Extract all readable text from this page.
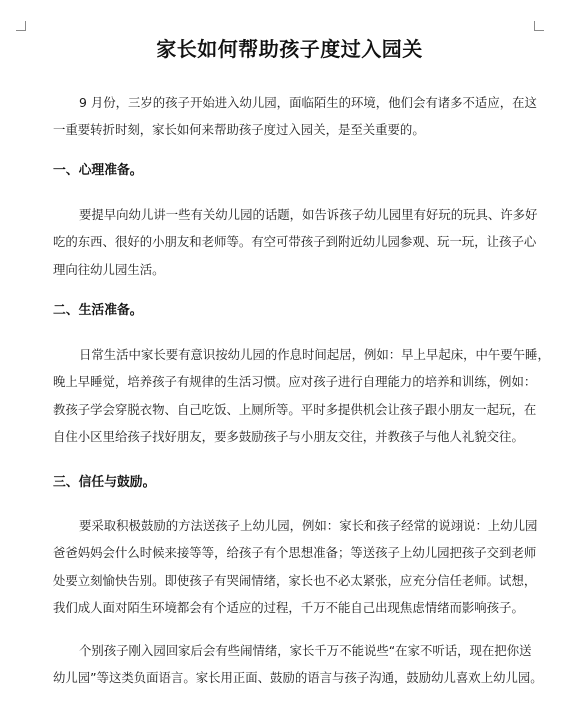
家长如何帮助孩子度过入园关
9 月份，三岁的孩子开始进入幼儿园，面临陌生的环境，他们会有诸多不适应，在这
一重要转折时刻，家长如何来帮助孩子度过入园关，是至关重要的。
一、心理准备。
要提早向幼儿讲一些有关幼儿园的话题，如告诉孩子幼儿园里有好玩的玩具、许多好
吃的东西、很好的小朋友和老师等。有空可带孩子到附近幼儿园参观、玩一玩，让孩子心
理向往幼儿园生活。
二、生活准备。
日常生活中家长要有意识按幼儿园的作息时间起居，例如：早上早起床，中午要午睡，
晚上早睡觉，培养孩子有规律的生活习惯。应对孩子进行自理能力的培养和训练，例如：
教孩子学会穿脱衣物、自己吃饭、上厕所等。平时多提供机会让孩子跟小朋友一起玩，在
自住小区里给孩子找好朋友，要多鼓励孩子与小朋友交往，并教孩子与他人礼貌交往。
三、信任与鼓励。
要采取积极鼓励的方法送孩子上幼儿园，例如：家长和孩子经常的说翊说：上幼儿园
爸爸妈妈会什么时候来接等等，给孩子有个思想准备；等送孩子上幼儿园把孩子交到老师
处要立刻愉快告别。即使孩子有哭闹情绪，家长也不必太紧张，应充分信任老师。试想，
我们成人面对陌生环境都会有个适应的过程，千万不能自己出现焦虑情绪而影响孩子。
个别孩子刚入园回家后会有些闹情绪，家长千万不能说些“在家不听话，现在把你送
幼儿园”等这类负面语言。家长用正面、鼓励的语言与孩子沟通，鼓励幼儿喜欢上幼儿园。
